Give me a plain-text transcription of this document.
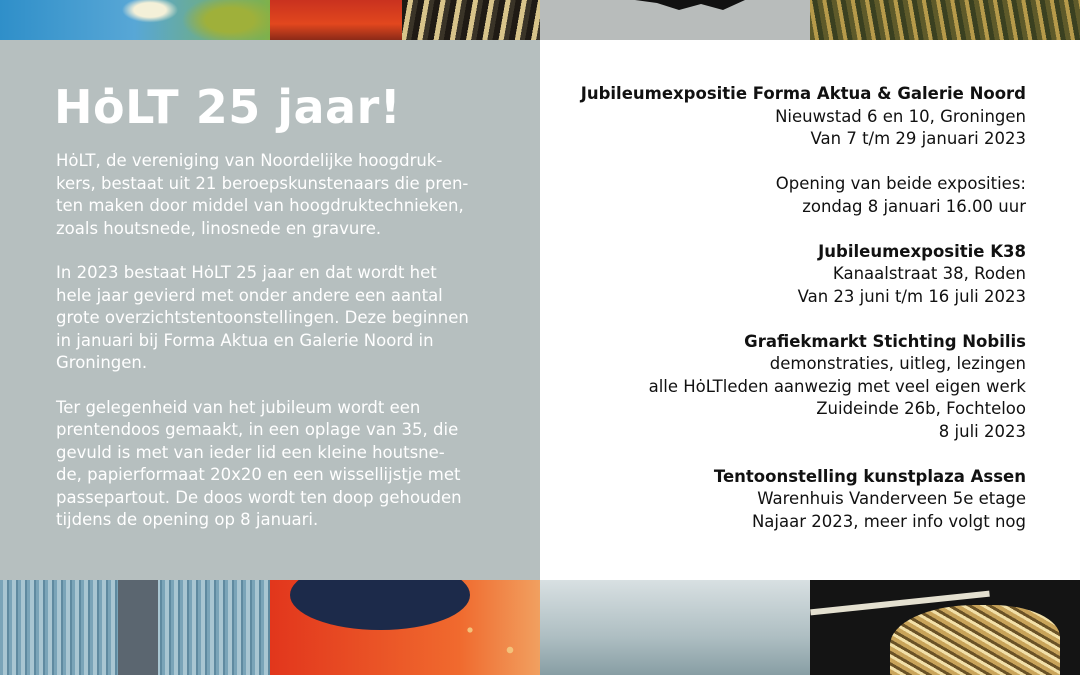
HȯLT 25 jaar!

HȯLT, de vereniging van Noordelijke hoogdruk-
kers, bestaat uit 21 beroepskunstenaars die pren-
ten maken door middel van hoogdruktechnieken,
zoals houtsnede, linosnede en gravure.

In 2023 bestaat HȯLT 25 jaar en dat wordt het
hele jaar gevierd met onder andere een aantal
grote overzichtstentoonstellingen. Deze beginnen
in januari bij Forma Aktua en Galerie Noord in
Groningen.

Ter gelegenheid van het jubileum wordt een
prentendoos gemaakt, in een oplage van 35, die
gevuld is met van ieder lid een kleine houtsne-
de, papierformaat 20x20 en een wissellijstje met
passepartout. De doos wordt ten doop gehouden
tijdens de opening op 8 januari.

Jubileumexpositie Forma Aktua & Galerie Noord
Nieuwstad 6 en 10, Groningen
Van 7 t/m 29 januari 2023
Opening van beide exposities:
zondag 8 januari 16.00 uur
Jubileumexpositie K38
Kanaalstraat 38, Roden
Van 23 juni t/m 16 juli 2023
Grafiekmarkt Stichting Nobilis
demonstraties, uitleg, lezingen
alle HȯLTleden aanwezig met veel eigen werk
Zuideinde 26b, Fochteloo
8 juli 2023
Tentoonstelling kunstplaza Assen
Warenhuis Vanderveen 5e etage
Najaar 2023, meer info volgt nog
